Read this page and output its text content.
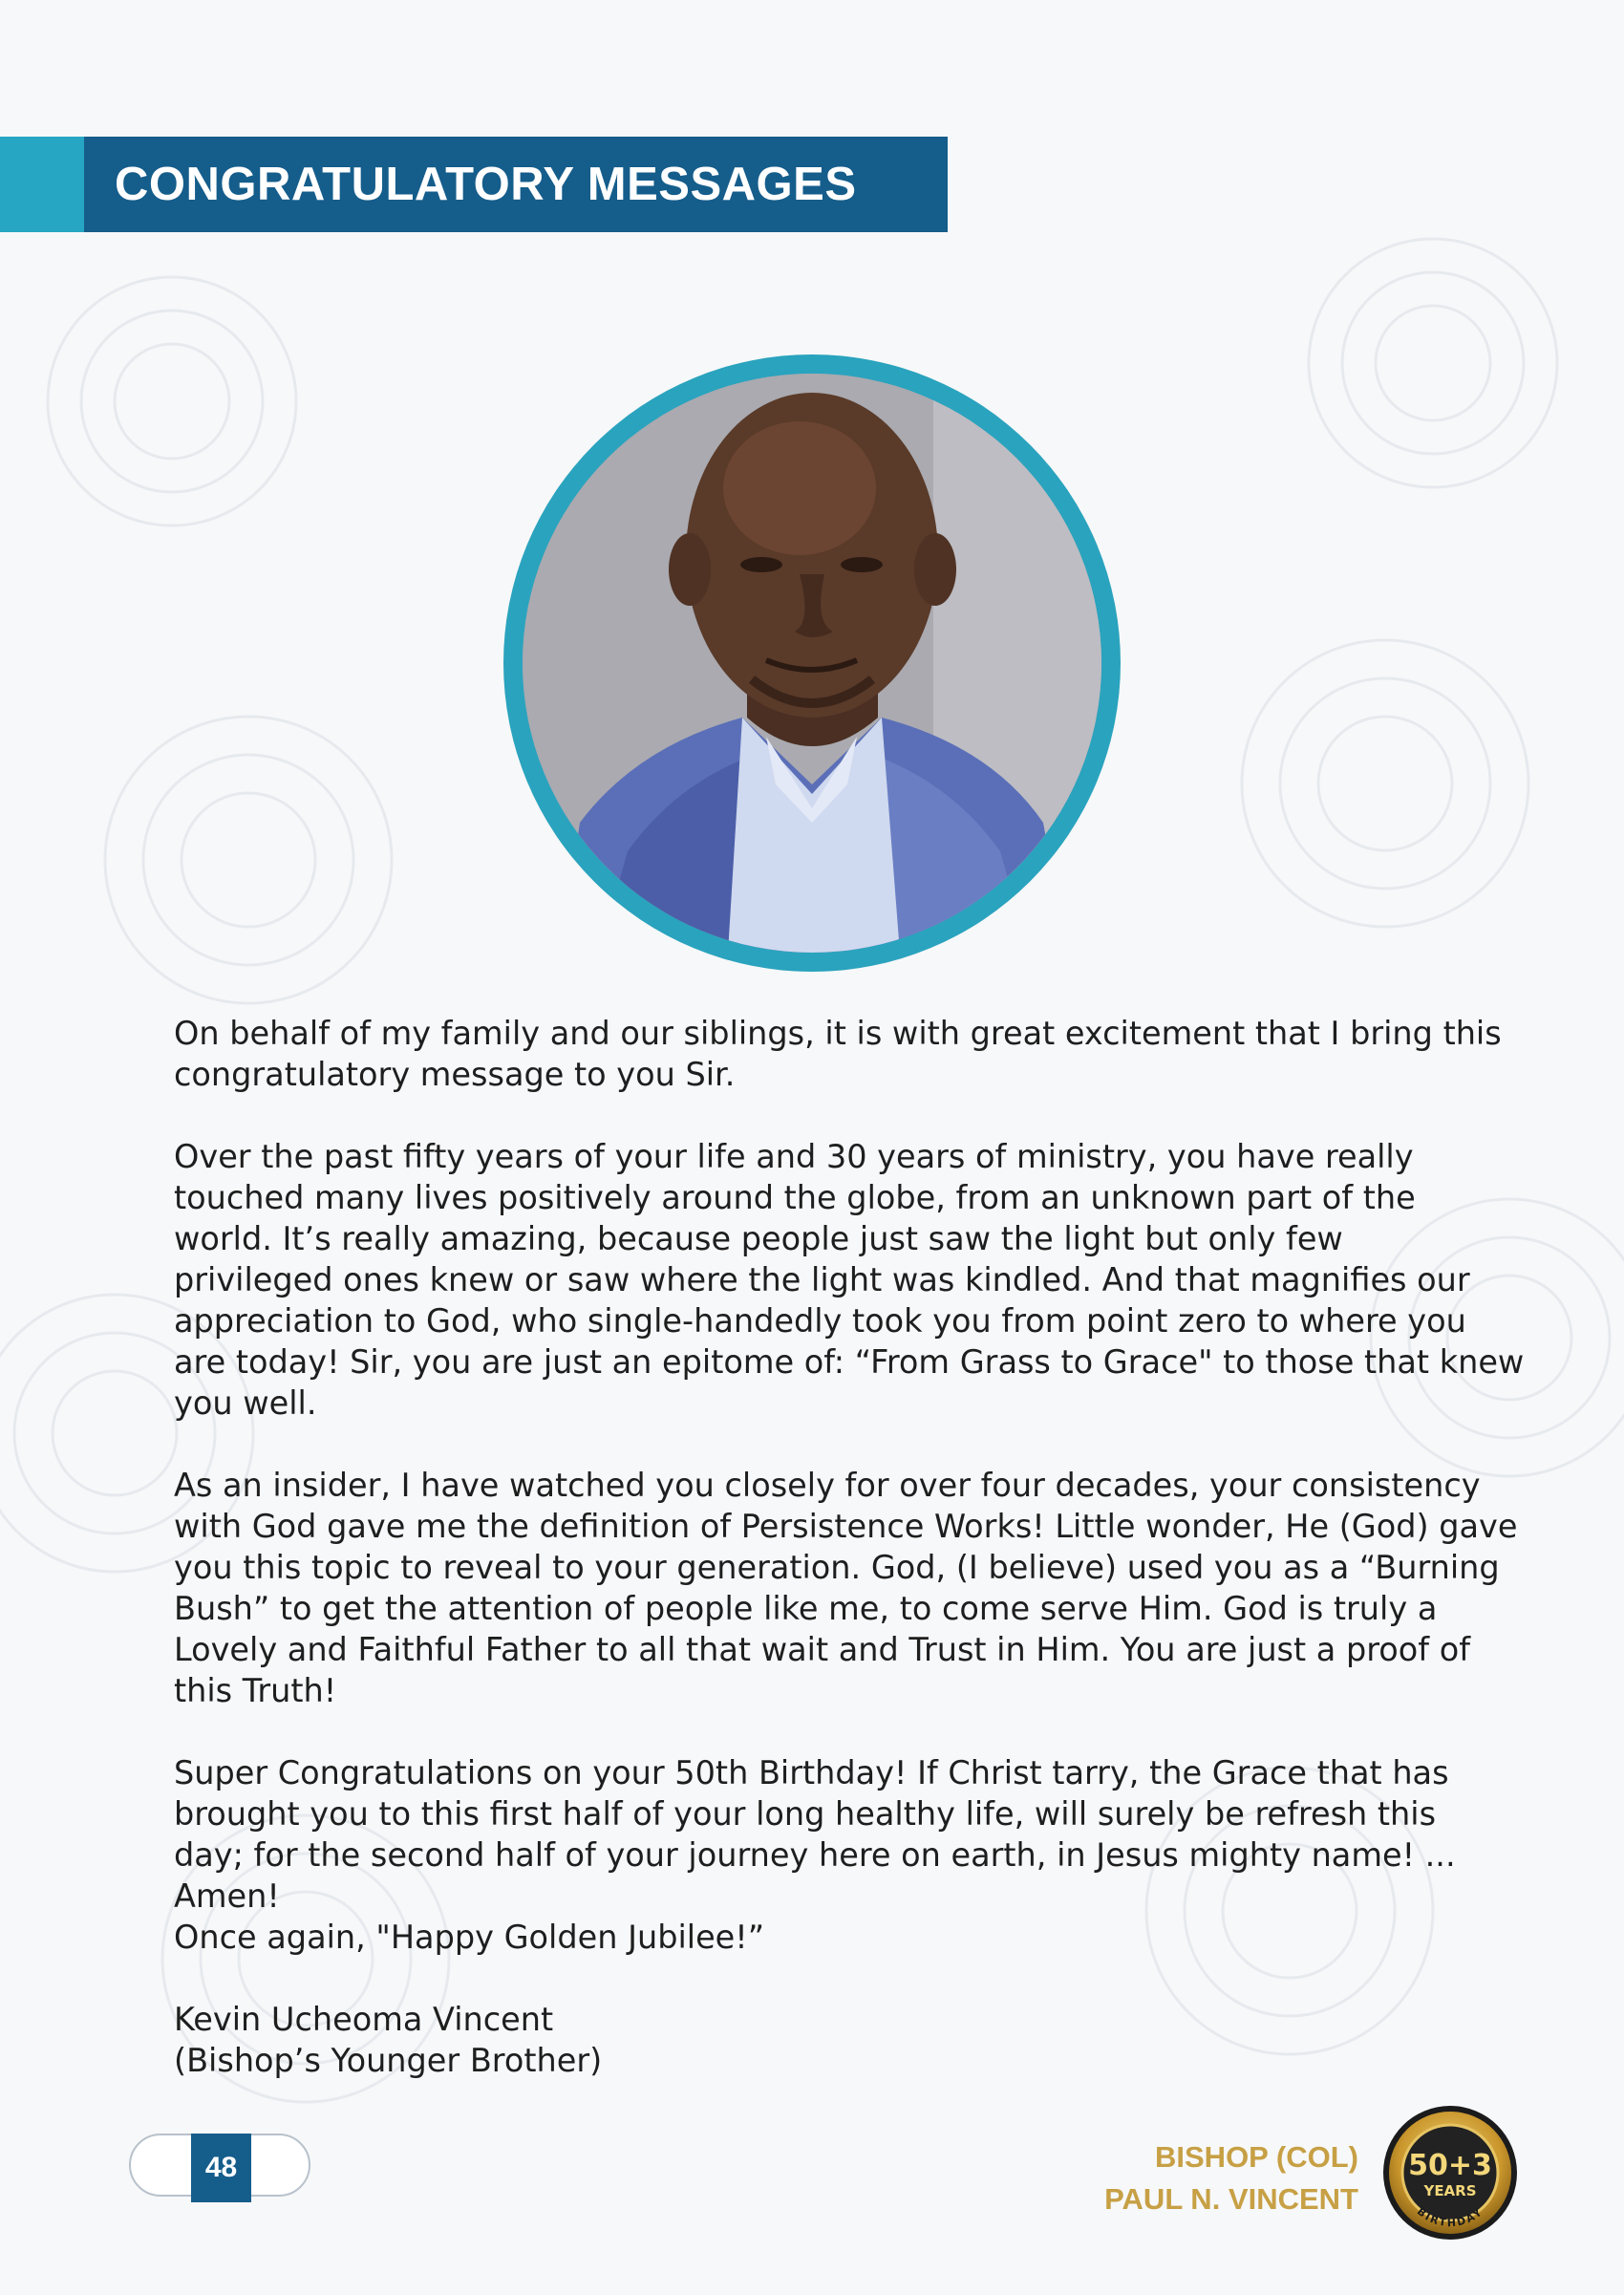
CONGRATULATORY MESSAGES

On behalf of my family and our siblings, it is with great excitement that I bring this
congratulatory message to you Sir.

Over the past fifty years of your life and 30 years of ministry, you have really
touched many lives positively around the globe, from an unknown part of the
world. It’s really amazing, because people just saw the light but only few
privileged ones knew or saw where the light was kindled. And that magnifies our
appreciation to God, who single-handedly took you from point zero to where you
are today! Sir, you are just an epitome of: “From Grass to Grace" to those that knew
you well.

As an insider, I have watched you closely for over four decades, your consistency
with God gave me the definition of Persistence Works! Little wonder, He (God) gave
you this topic to reveal to your generation. God, (I believe) used you as a “Burning
Bush” to get the attention of people like me, to come serve Him. God is truly a
Lovely and Faithful Father to all that wait and Trust in Him. You are just a proof of
this Truth!

Super Congratulations on your 50th Birthday! If Christ tarry, the Grace that has
brought you to this first half of your long healthy life, will surely be refresh this
day; for the second half of your journey here on earth, in Jesus mighty name! ...
Amen!
Once again, "Happy Golden Jubilee!”

Kevin Ucheoma Vincent
(Bishop’s Younger Brother)

48	BISHOP (COL)
PAUL N. VINCENT
50+3
YEARS
BIRTHDAY
